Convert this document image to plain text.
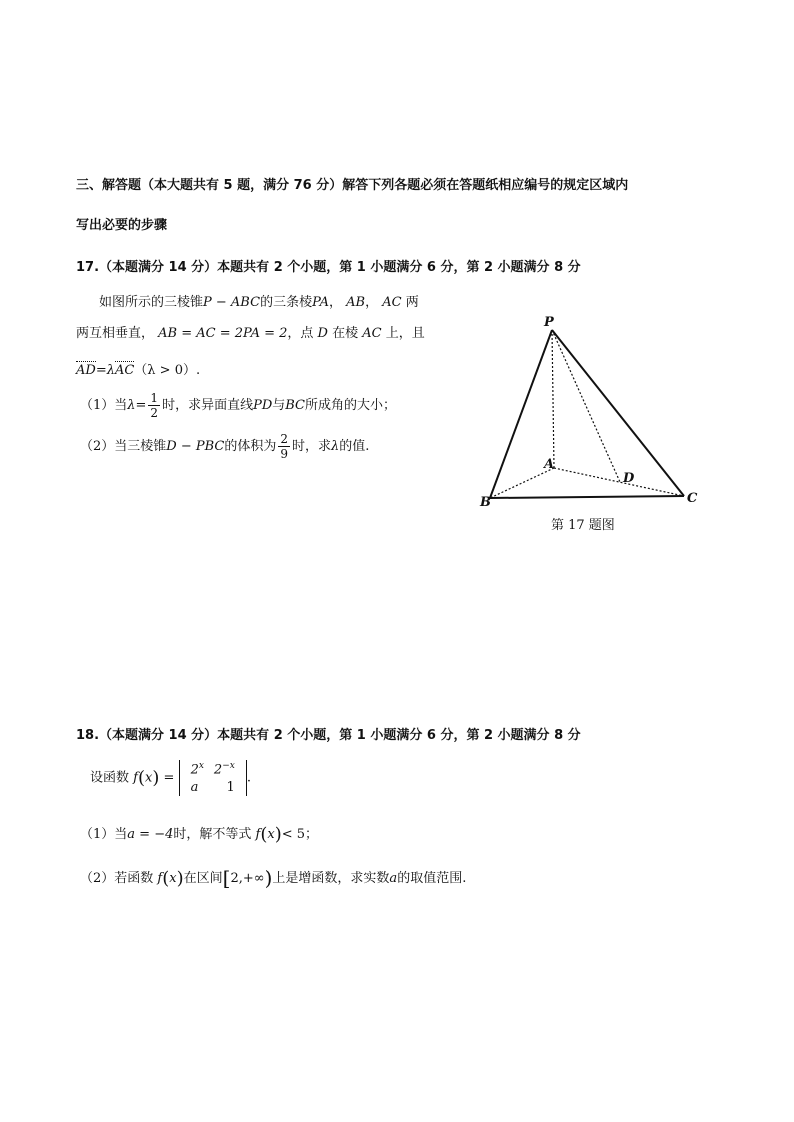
三、解答题（本大题共有 5 题，满分 76 分）解答下列各题必须在答题纸相应编号的规定区域内
写出必要的步骤
17.（本题满分 14 分）本题共有 2 个小题，第 1 小题满分 6 分，第 2 小题满分 8 分
如图所示的三棱锥P − ABC的三条棱PA， AB， AC 两
两互相垂直， AB = AC = 2PA = 2，点 D 在棱 AC 上，且
AD=λAC（λ > 0）.
（1）当$\lambda= \frac{1}{2}$ 时，求异面直线PD与BC所成角的大小；
（2）当三棱锥D − PBC的体积为 $\frac{2}{9}$ 时，求λ的值.
P
A
B	C
D
第 17 题图
18.（本题满分 14 分）本题共有 2 个小题，第 1 小题满分 6 分，第 2 小题满分 8 分
设函数 f(x) =
2$^x$	$2^{-x}$
a	1
.
（1）当a = −4时，解不等式 f(x)< 5；
（2）若函数 f(x)在区间[2,+∞)上是增函数，求实数a的取值范围.
